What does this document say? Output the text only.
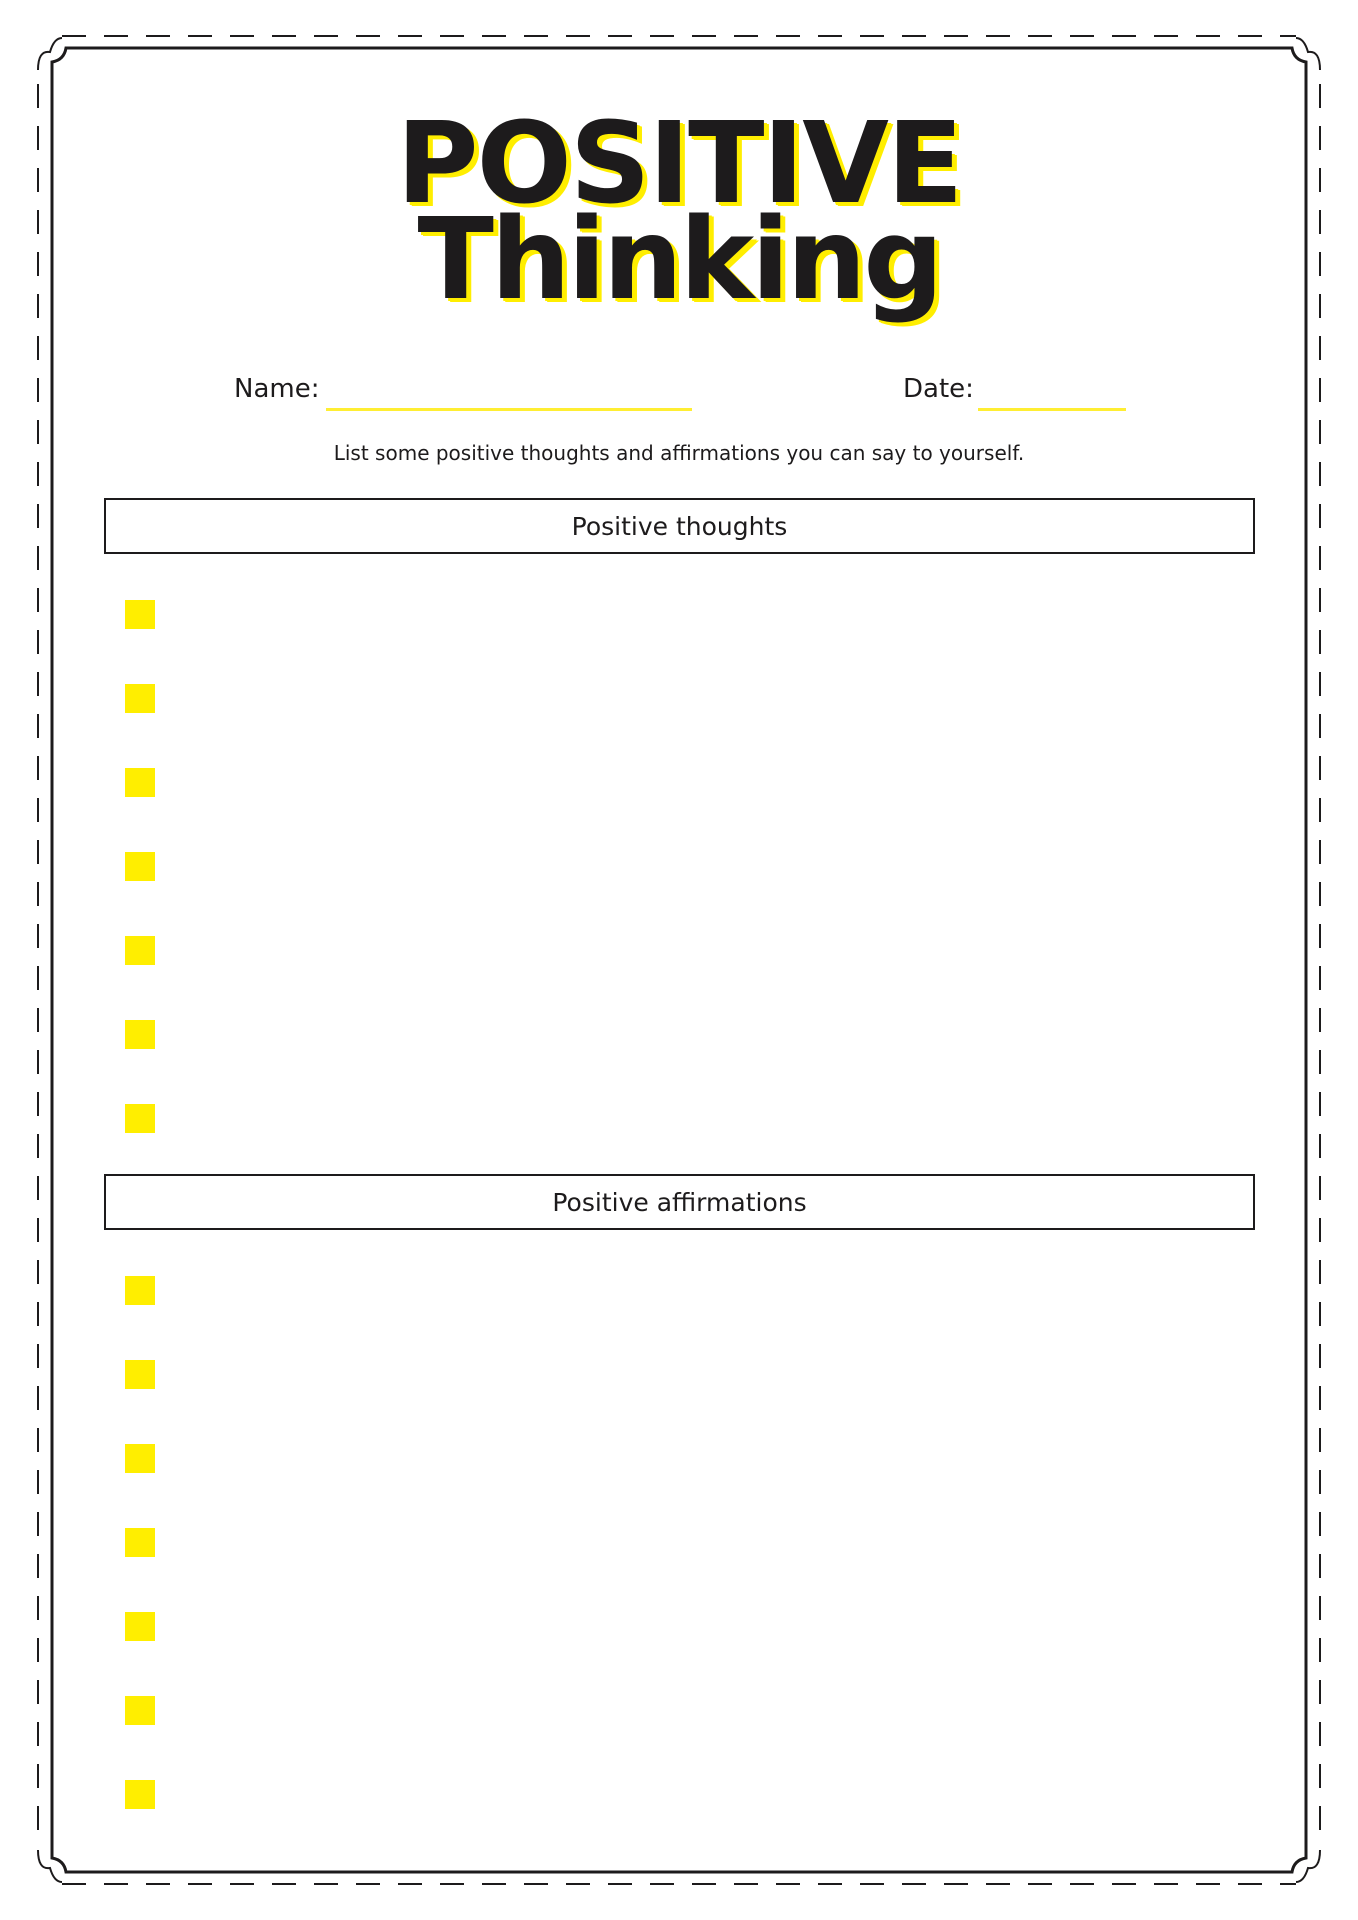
POSITIVE
Thinking
Name:	Date:
List some positive thoughts and affirmations you can say to yourself.
Positive thoughts
Positive affirmations
